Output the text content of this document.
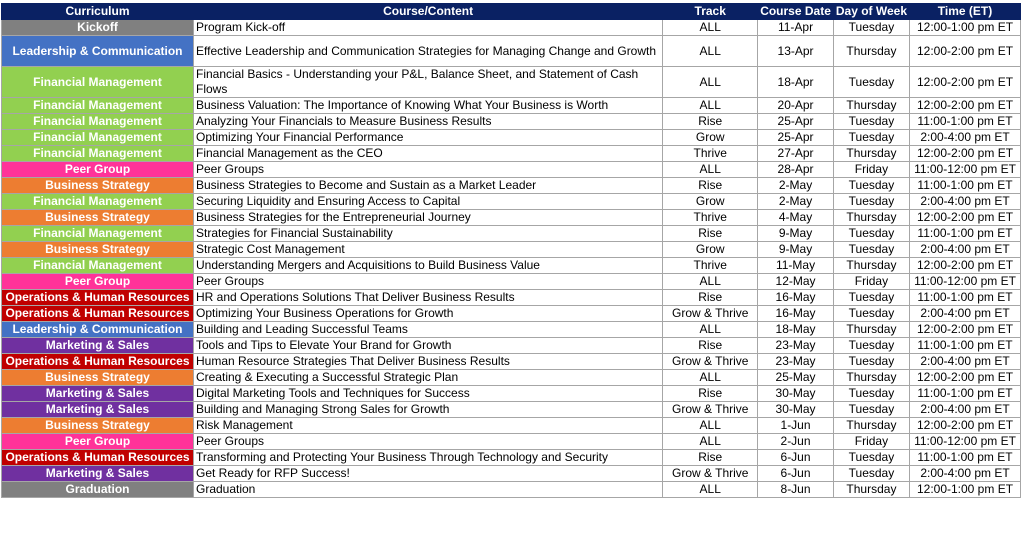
Curriculum	Course/Content	Track	Course Date	Day of Week	Time (ET)
Kickoff	Program Kick-off	ALL	11-Apr	Tuesday	12:00-1:00 pm ET
Leadership & Communication	Effective Leadership and Communication Strategies for Managing Change and Growth	ALL	13-Apr	Thursday	12:00-2:00 pm ET
Financial Management	Financial Basics - Understanding your P&L, Balance Sheet, and Statement of Cash Flows	ALL	18-Apr	Tuesday	12:00-2:00 pm ET
Financial Management	Business Valuation: The Importance of Knowing What Your Business is Worth	ALL	20-Apr	Thursday	12:00-2:00 pm ET
Financial Management	Analyzing Your Financials to Measure Business Results	Rise	25-Apr	Tuesday	11:00-1:00 pm ET
Financial Management	Optimizing Your Financial Performance	Grow	25-Apr	Tuesday	2:00-4:00 pm ET
Financial Management	Financial Management as the CEO	Thrive	27-Apr	Thursday	12:00-2:00 pm ET
Peer Group	Peer Groups	ALL	28-Apr	Friday	11:00-12:00 pm ET
Business Strategy	Business Strategies to Become and Sustain as a Market Leader	Rise	2-May	Tuesday	11:00-1:00 pm ET
Financial Management	Securing Liquidity and Ensuring Access to Capital	Grow	2-May	Tuesday	2:00-4:00 pm ET
Business Strategy	Business Strategies for the Entrepreneurial Journey	Thrive	4-May	Thursday	12:00-2:00 pm ET
Financial Management	Strategies for Financial Sustainability	Rise	9-May	Tuesday	11:00-1:00 pm ET
Business Strategy	Strategic Cost Management	Grow	9-May	Tuesday	2:00-4:00 pm ET
Financial Management	Understanding Mergers and Acquisitions to Build Business Value	Thrive	11-May	Thursday	12:00-2:00 pm ET
Peer Group	Peer Groups	ALL	12-May	Friday	11:00-12:00 pm ET
Operations & Human Resources	HR and Operations Solutions That Deliver Business Results	Rise	16-May	Tuesday	11:00-1:00 pm ET
Operations & Human Resources	Optimizing Your Business Operations for Growth	Grow & Thrive	16-May	Tuesday	2:00-4:00 pm ET
Leadership & Communication	Building and Leading Successful Teams	ALL	18-May	Thursday	12:00-2:00 pm ET
Marketing & Sales	Tools and Tips to Elevate Your Brand for Growth	Rise	23-May	Tuesday	11:00-1:00 pm ET
Operations & Human Resources	Human Resource Strategies That Deliver Business Results	Grow & Thrive	23-May	Tuesday	2:00-4:00 pm ET
Business Strategy	Creating & Executing a Successful Strategic Plan	ALL	25-May	Thursday	12:00-2:00 pm ET
Marketing & Sales	Digital Marketing Tools and Techniques for Success	Rise	30-May	Tuesday	11:00-1:00 pm ET
Marketing & Sales	Building and Managing Strong Sales for Growth	Grow & Thrive	30-May	Tuesday	2:00-4:00 pm ET
Business Strategy	Risk Management	ALL	1-Jun	Thursday	12:00-2:00 pm ET
Peer Group	Peer Groups	ALL	2-Jun	Friday	11:00-12:00 pm ET
Operations & Human Resources	Transforming and Protecting Your Business Through Technology and Security	Rise	6-Jun	Tuesday	11:00-1:00 pm ET
Marketing & Sales	Get Ready for RFP Success!	Grow & Thrive	6-Jun	Tuesday	2:00-4:00 pm ET
Graduation	Graduation	ALL	8-Jun	Thursday	12:00-1:00 pm ET
